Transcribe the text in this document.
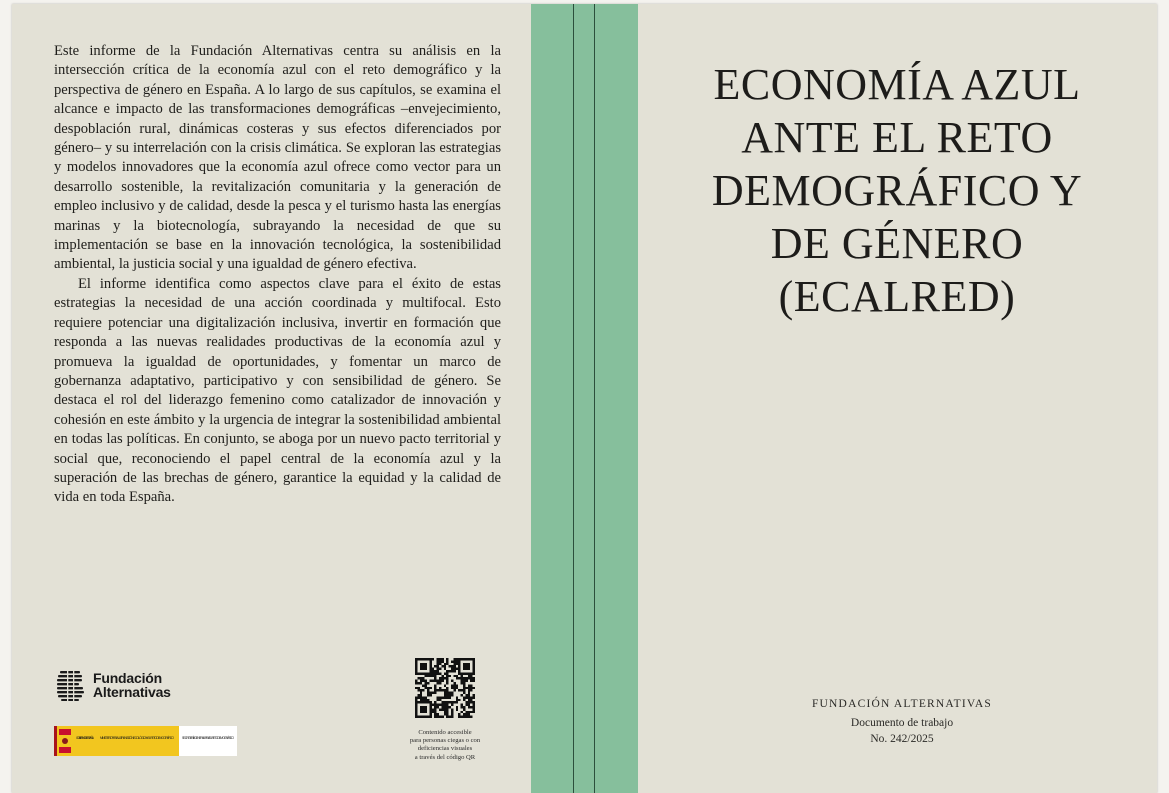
Este informe de la Fundación Alternativas centra su análisis en la intersección crítica de la economía azul con el reto demográfico y la perspectiva de género en España. A lo largo de sus capítulos, se examina el alcance e impacto de las transformaciones demográficas –envejecimiento, despoblación rural, dinámicas costeras y sus efectos diferenciados por género– y su interrelación con la crisis climática. Se exploran las estrategias y modelos innovadores que la economía azul ofrece como vector para un desarrollo sostenible, la revitalización comunitaria y la generación de empleo inclusivo y de calidad, desde la pesca y el turismo hasta las energías marinas y la biotecnología, subrayando la necesidad de que su implementación se base en la innovación tecnológica, la sostenibilidad ambiental, la justicia social y una igualdad de género efectiva.

El informe identifica como aspectos clave para el éxito de estas estrategias la necesidad de una acción coordinada y multifocal. Esto requiere potenciar una digitalización inclusiva, invertir en formación que responda a las nuevas realidades productivas de la economía azul y promueva la igualdad de oportunidades, y fomentar un marco de gobernanza adaptativo, participativo y con sensibilidad de género. Se destaca el rol del liderazgo femenino como catalizador de innovación y cohesión en este ámbito y la urgencia de integrar la sostenibilidad ambiental en todas las políticas. En conjunto, se aboga por un nuevo pacto territorial y social que, reconociendo el papel central de la economía azul y la superación de las brechas de género, garantice la equidad y la calidad de vida en toda España.

Fundación
Alternativas
GOBIERNO DE ESPAÑA MINISTERIO PARA LA TRANSICIÓN ECOLÓGICA Y EL RETO DEMOGRÁFICO SECRETARÍA GENERAL PARA EL RETO DEMOGRÁFICO
Contenido accesible
para personas ciegas o con
deficiencias visuales
a través del código QR
ECONOMÍA AZUL
ANTE EL RETO
DEMOGRÁFICO Y
DE GÉNERO
(ECALRED)
FUNDACIÓN ALTERNATIVAS
Documento de trabajo
No. 242/2025
